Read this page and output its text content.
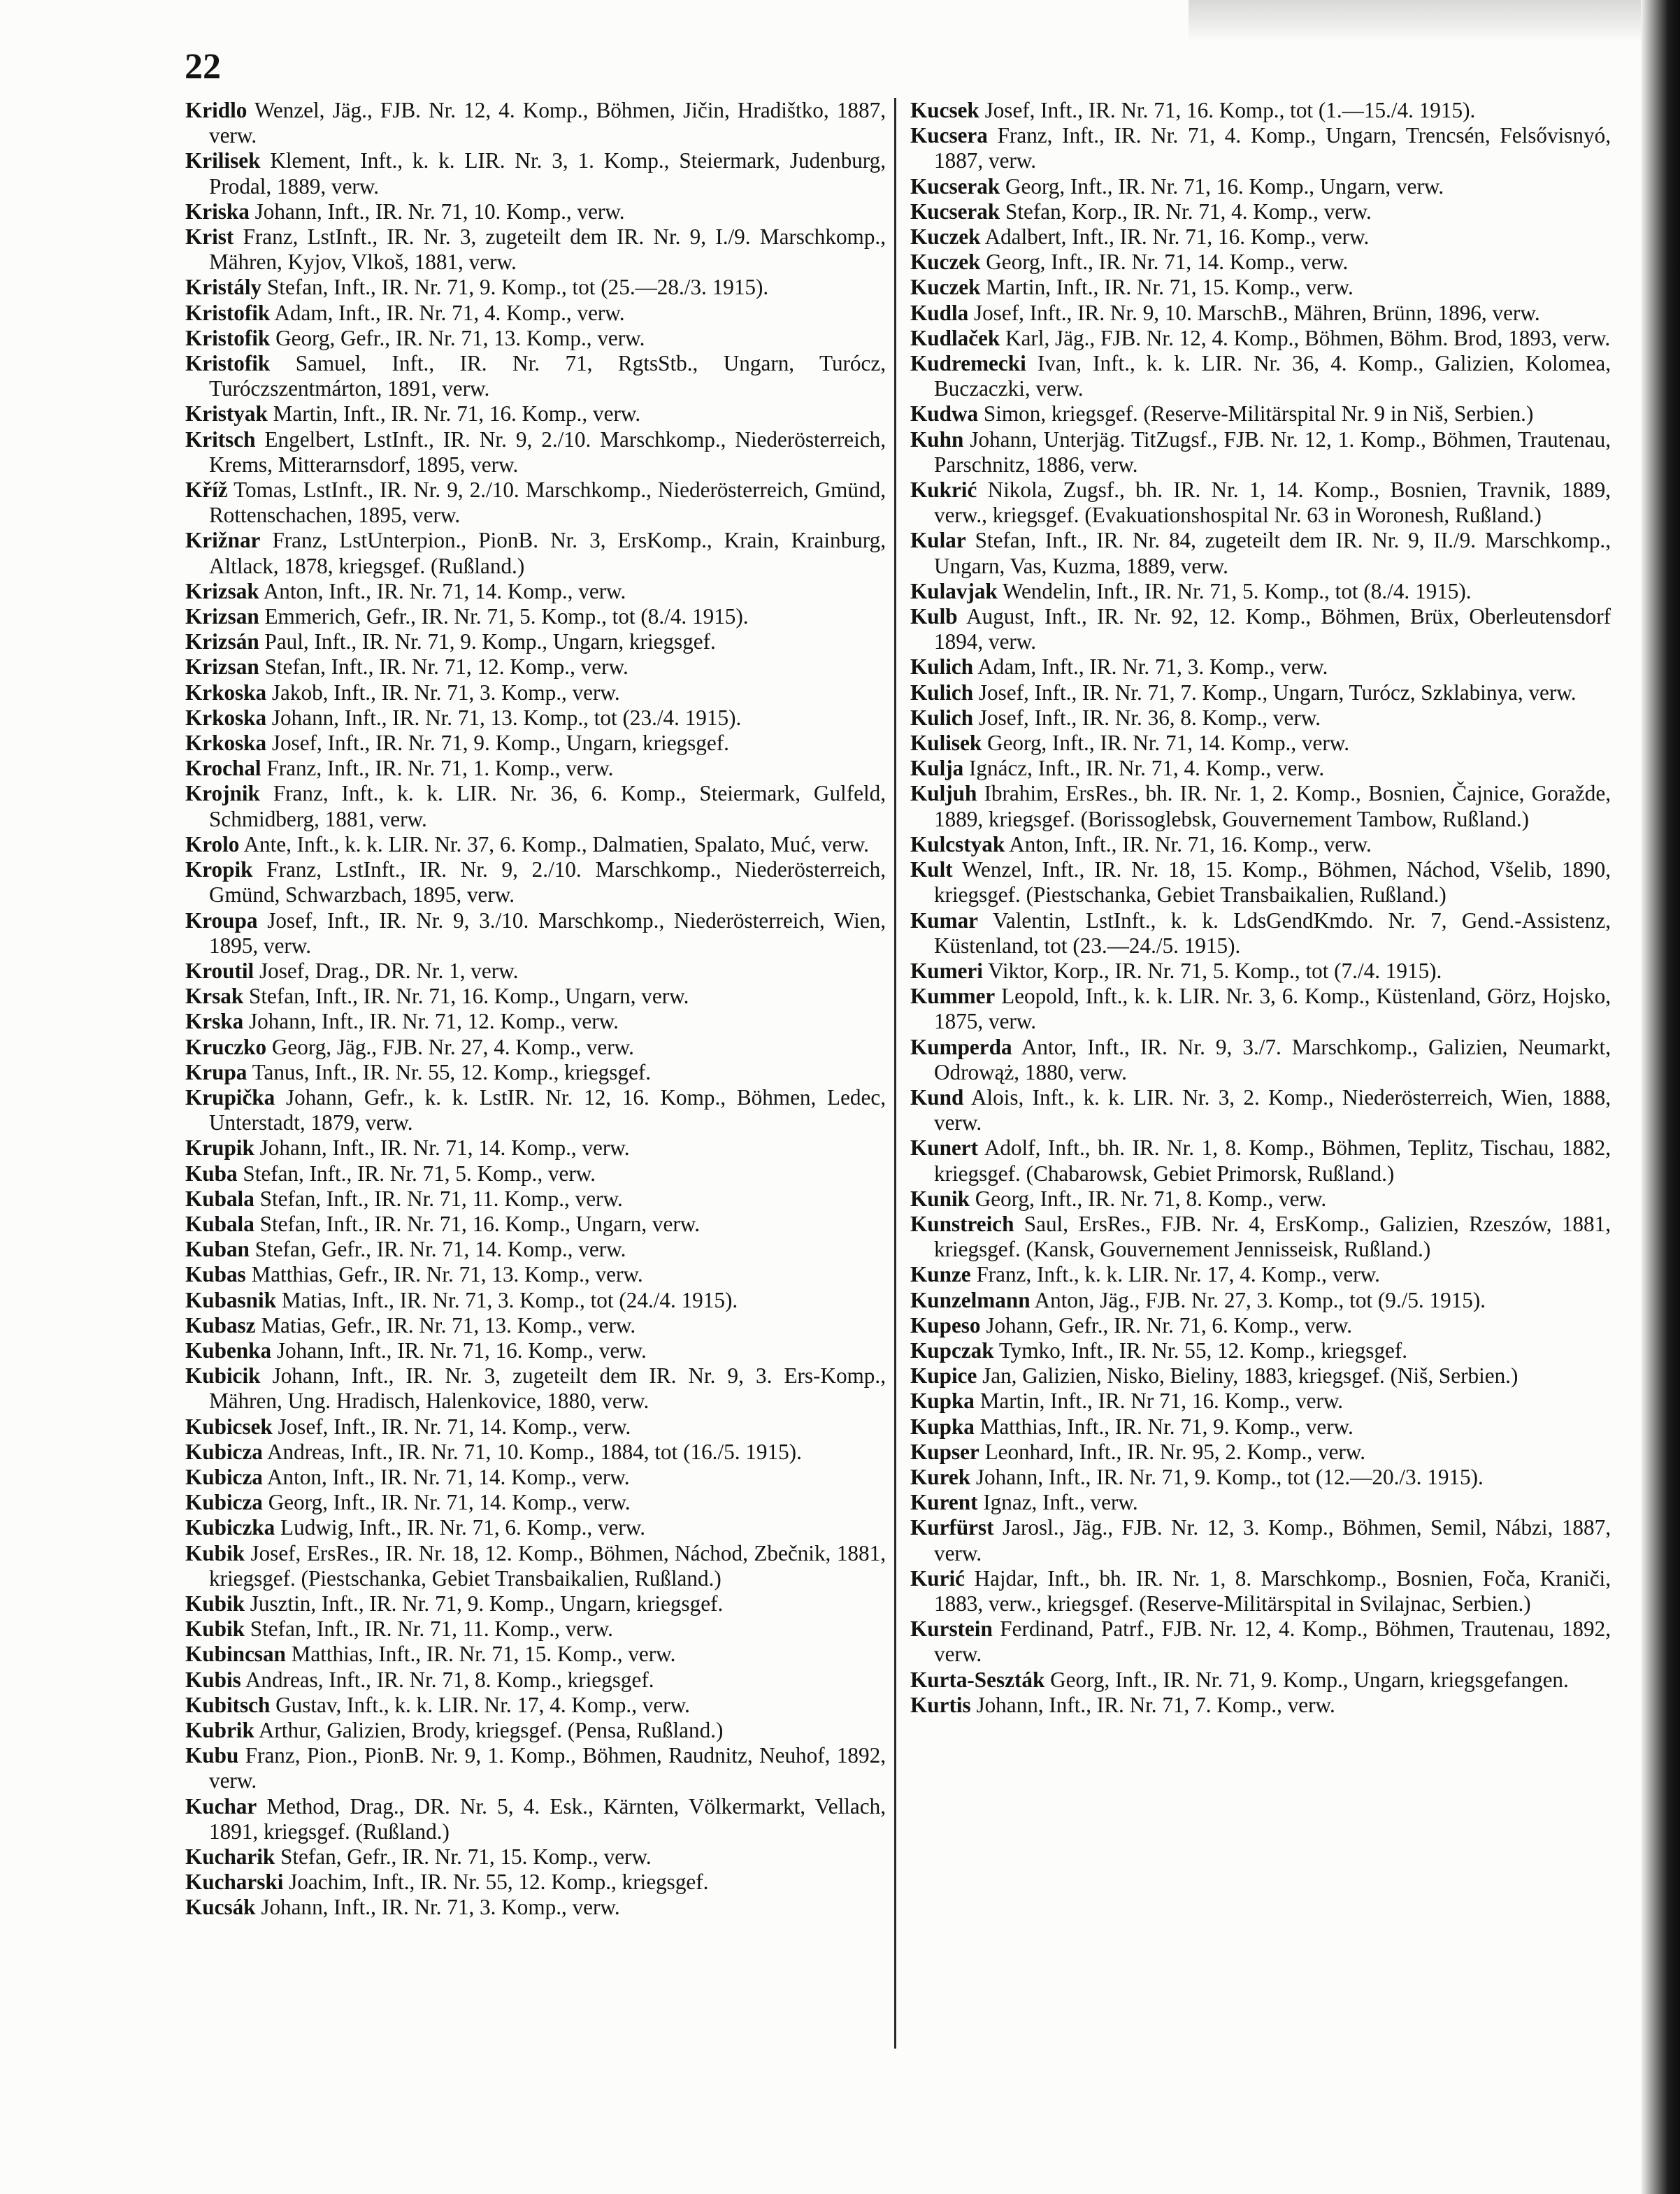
22

Kridlo Wenzel, Jäg., FJB. Nr. 12, 4. Komp., Böhmen, Jičin, Hradištko, 1887, verw.

Krilisek Klement, Inft., k. k. LIR. Nr. 3, 1. Komp., Steiermark, Judenburg, Prodal, 1889, verw.

Kriska Johann, Inft., IR. Nr. 71, 10. Komp., verw.

Krist Franz, LstInft., IR. Nr. 3, zugeteilt dem IR. Nr. 9, I./9. Marschkomp., Mähren, Kyjov, Vlkoš, 1881, verw.

Kristály Stefan, Inft., IR. Nr. 71, 9. Komp., tot (25.—28./3. 1915).

Kristofik Adam, Inft., IR. Nr. 71, 4. Komp., verw.

Kristofik Georg, Gefr., IR. Nr. 71, 13. Komp., verw.

Kristofik Samuel, Inft., IR. Nr. 71, RgtsStb., Ungarn, Turócz, Turóczszentmárton, 1891, verw.

Kristyak Martin, Inft., IR. Nr. 71, 16. Komp., verw.

Kritsch Engelbert, LstInft., IR. Nr. 9, 2./10. Marschkomp., Niederösterreich, Krems, Mitterarnsdorf, 1895, verw.

Kříž Tomas, LstInft., IR. Nr. 9, 2./10. Marschkomp., Niederösterreich, Gmünd, Rottenschachen, 1895, verw.

Križnar Franz, LstUnterpion., PionB. Nr. 3, ErsKomp., Krain, Krainburg, Altlack, 1878, kriegsgef. (Rußland.)

Krizsak Anton, Inft., IR. Nr. 71, 14. Komp., verw.

Krizsan Emmerich, Gefr., IR. Nr. 71, 5. Komp., tot (8./4. 1915).

Krizsán Paul, Inft., IR. Nr. 71, 9. Komp., Ungarn, kriegsgef.

Krizsan Stefan, Inft., IR. Nr. 71, 12. Komp., verw.

Krkoska Jakob, Inft., IR. Nr. 71, 3. Komp., verw.

Krkoska Johann, Inft., IR. Nr. 71, 13. Komp., tot (23./4. 1915).

Krkoska Josef, Inft., IR. Nr. 71, 9. Komp., Ungarn, kriegsgef.

Krochal Franz, Inft., IR. Nr. 71, 1. Komp., verw.

Krojnik Franz, Inft., k. k. LIR. Nr. 36, 6. Komp., Steiermark, Gulfeld, Schmidberg, 1881, verw.

Krolo Ante, Inft., k. k. LIR. Nr. 37, 6. Komp., Dalmatien, Spalato, Muć, verw.

Kropik Franz, LstInft., IR. Nr. 9, 2./10. Marschkomp., Niederösterreich, Gmünd, Schwarzbach, 1895, verw.

Kroupa Josef, Inft., IR. Nr. 9, 3./10. Marschkomp., Niederösterreich, Wien, 1895, verw.

Kroutil Josef, Drag., DR. Nr. 1, verw.

Krsak Stefan, Inft., IR. Nr. 71, 16. Komp., Ungarn, verw.

Krska Johann, Inft., IR. Nr. 71, 12. Komp., verw.

Kruczko Georg, Jäg., FJB. Nr. 27, 4. Komp., verw.

Krupa Tanus, Inft., IR. Nr. 55, 12. Komp., kriegsgef.

Krupička Johann, Gefr., k. k. LstIR. Nr. 12, 16. Komp., Böhmen, Ledec, Unterstadt, 1879, verw.

Krupik Johann, Inft., IR. Nr. 71, 14. Komp., verw.

Kuba Stefan, Inft., IR. Nr. 71, 5. Komp., verw.

Kubala Stefan, Inft., IR. Nr. 71, 11. Komp., verw.

Kubala Stefan, Inft., IR. Nr. 71, 16. Komp., Ungarn, verw.

Kuban Stefan, Gefr., IR. Nr. 71, 14. Komp., verw.

Kubas Matthias, Gefr., IR. Nr. 71, 13. Komp., verw.

Kubasnik Matias, Inft., IR. Nr. 71, 3. Komp., tot (24./4. 1915).

Kubasz Matias, Gefr., IR. Nr. 71, 13. Komp., verw.

Kubenka Johann, Inft., IR. Nr. 71, 16. Komp., verw.

Kubicik Johann, Inft., IR. Nr. 3, zugeteilt dem IR. Nr. 9, 3. Ers-Komp., Mähren, Ung. Hradisch, Halenkovice, 1880, verw.

Kubicsek Josef, Inft., IR. Nr. 71, 14. Komp., verw.

Kubicza Andreas, Inft., IR. Nr. 71, 10. Komp., 1884, tot (16./5. 1915).

Kubicza Anton, Inft., IR. Nr. 71, 14. Komp., verw.

Kubicza Georg, Inft., IR. Nr. 71, 14. Komp., verw.

Kubiczka Ludwig, Inft., IR. Nr. 71, 6. Komp., verw.

Kubik Josef, ErsRes., IR. Nr. 18, 12. Komp., Böhmen, Náchod, Zbečnik, 1881, kriegsgef. (Piestschanka, Gebiet Transbaikalien, Rußland.)

Kubik Jusztin, Inft., IR. Nr. 71, 9. Komp., Ungarn, kriegsgef.

Kubik Stefan, Inft., IR. Nr. 71, 11. Komp., verw.

Kubincsan Matthias, Inft., IR. Nr. 71, 15. Komp., verw.

Kubis Andreas, Inft., IR. Nr. 71, 8. Komp., kriegsgef.

Kubitsch Gustav, Inft., k. k. LIR. Nr. 17, 4. Komp., verw.

Kubrik Arthur, Galizien, Brody, kriegsgef. (Pensa, Rußland.)

Kubu Franz, Pion., PionB. Nr. 9, 1. Komp., Böhmen, Raudnitz, Neuhof, 1892, verw.

Kuchar Method, Drag., DR. Nr. 5, 4. Esk., Kärnten, Völkermarkt, Vellach, 1891, kriegsgef. (Rußland.)

Kucharik Stefan, Gefr., IR. Nr. 71, 15. Komp., verw.

Kucharski Joachim, Inft., IR. Nr. 55, 12. Komp., kriegsgef.

Kucsák Johann, Inft., IR. Nr. 71, 3. Komp., verw.

Kucsek Josef, Inft., IR. Nr. 71, 16. Komp., tot (1.—15./4. 1915).

Kucsera Franz, Inft., IR. Nr. 71, 4. Komp., Ungarn, Trencsén, Felsővisnyó, 1887, verw.

Kucserak Georg, Inft., IR. Nr. 71, 16. Komp., Ungarn, verw.

Kucserak Stefan, Korp., IR. Nr. 71, 4. Komp., verw.

Kuczek Adalbert, Inft., IR. Nr. 71, 16. Komp., verw.

Kuczek Georg, Inft., IR. Nr. 71, 14. Komp., verw.

Kuczek Martin, Inft., IR. Nr. 71, 15. Komp., verw.

Kudla Josef, Inft., IR. Nr. 9, 10. MarschB., Mähren, Brünn, 1896, verw.

Kudlaček Karl, Jäg., FJB. Nr. 12, 4. Komp., Böhmen, Böhm. Brod, 1893, verw.

Kudremecki Ivan, Inft., k. k. LIR. Nr. 36, 4. Komp., Galizien, Kolomea, Buczaczki, verw.

Kudwa Simon, kriegsgef. (Reserve-Militärspital Nr. 9 in Niš, Serbien.)

Kuhn Johann, Unterjäg. TitZugsf., FJB. Nr. 12, 1. Komp., Böhmen, Trautenau, Parschnitz, 1886, verw.

Kukrić Nikola, Zugsf., bh. IR. Nr. 1, 14. Komp., Bosnien, Travnik, 1889, verw., kriegsgef. (Evakuationshospital Nr. 63 in Woronesh, Rußland.)

Kular Stefan, Inft., IR. Nr. 84, zugeteilt dem IR. Nr. 9, II./9. Marschkomp., Ungarn, Vas, Kuzma, 1889, verw.

Kulavjak Wendelin, Inft., IR. Nr. 71, 5. Komp., tot (8./4. 1915).

Kulb August, Inft., IR. Nr. 92, 12. Komp., Böhmen, Brüx, Oberleutensdorf 1894, verw.

Kulich Adam, Inft., IR. Nr. 71, 3. Komp., verw.

Kulich Josef, Inft., IR. Nr. 71, 7. Komp., Ungarn, Turócz, Szklabinya, verw.

Kulich Josef, Inft., IR. Nr. 36, 8. Komp., verw.

Kulisek Georg, Inft., IR. Nr. 71, 14. Komp., verw.

Kulja Ignácz, Inft., IR. Nr. 71, 4. Komp., verw.

Kuljuh Ibrahim, ErsRes., bh. IR. Nr. 1, 2. Komp., Bosnien, Čajnice, Goražde, 1889, kriegsgef. (Borissoglebsk, Gouvernement Tambow, Rußland.)

Kulcstyak Anton, Inft., IR. Nr. 71, 16. Komp., verw.

Kult Wenzel, Inft., IR. Nr. 18, 15. Komp., Böhmen, Náchod, Všelib, 1890, kriegsgef. (Piestschanka, Gebiet Transbaikalien, Rußland.)

Kumar Valentin, LstInft., k. k. LdsGendKmdo. Nr. 7, Gend.-Assistenz, Küstenland, tot (23.—24./5. 1915).

Kumeri Viktor, Korp., IR. Nr. 71, 5. Komp., tot (7./4. 1915).

Kummer Leopold, Inft., k. k. LIR. Nr. 3, 6. Komp., Küstenland, Görz, Hojsko, 1875, verw.

Kumperda Antor, Inft., IR. Nr. 9, 3./7. Marschkomp., Galizien, Neumarkt, Odrowąż, 1880, verw.

Kund Alois, Inft., k. k. LIR. Nr. 3, 2. Komp., Niederösterreich, Wien, 1888, verw.

Kunert Adolf, Inft., bh. IR. Nr. 1, 8. Komp., Böhmen, Teplitz, Tischau, 1882, kriegsgef. (Chabarowsk, Gebiet Primorsk, Rußland.)

Kunik Georg, Inft., IR. Nr. 71, 8. Komp., verw.

Kunstreich Saul, ErsRes., FJB. Nr. 4, ErsKomp., Galizien, Rzeszów, 1881, kriegsgef. (Kansk, Gouvernement Jennisseisk, Rußland.)

Kunze Franz, Inft., k. k. LIR. Nr. 17, 4. Komp., verw.

Kunzelmann Anton, Jäg., FJB. Nr. 27, 3. Komp., tot (9./5. 1915).

Kupeso Johann, Gefr., IR. Nr. 71, 6. Komp., verw.

Kupczak Tymko, Inft., IR. Nr. 55, 12. Komp., kriegsgef.

Kupice Jan, Galizien, Nisko, Bieliny, 1883, kriegsgef. (Niš, Serbien.)

Kupka Martin, Inft., IR. Nr 71, 16. Komp., verw.

Kupka Matthias, Inft., IR. Nr. 71, 9. Komp., verw.

Kupser Leonhard, Inft., IR. Nr. 95, 2. Komp., verw.

Kurek Johann, Inft., IR. Nr. 71, 9. Komp., tot (12.—20./3. 1915).

Kurent Ignaz, Inft., verw.

Kurfürst Jarosl., Jäg., FJB. Nr. 12, 3. Komp., Böhmen, Semil, Nábzi, 1887, verw.

Kurić Hajdar, Inft., bh. IR. Nr. 1, 8. Marschkomp., Bosnien, Foča, Kraniči, 1883, verw., kriegsgef. (Reserve-Militärspital in Svilajnac, Serbien.)

Kurstein Ferdinand, Patrf., FJB. Nr. 12, 4. Komp., Böhmen, Trautenau, 1892, verw.

Kurta-Seszták Georg, Inft., IR. Nr. 71, 9. Komp., Ungarn, kriegsgefangen.

Kurtis Johann, Inft., IR. Nr. 71, 7. Komp., verw.
